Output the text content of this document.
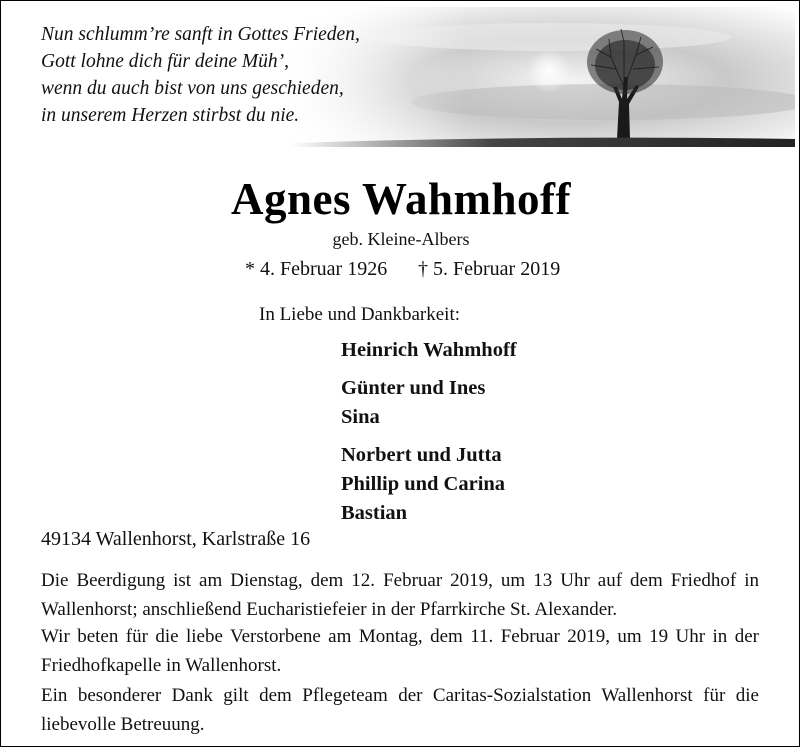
Nun schlumm’re sanft in Gottes Frieden,
Gott lohne dich für deine Müh’,
wenn du auch bist von uns geschieden,
in unserem Herzen stirbst du nie.
Agnes Wahmhoff
geb. Kleine-Albers
* 4. Februar 1926 † 5. Februar 2019
In Liebe und Dankbarkeit:
Heinrich Wahmhoff
Günter und Ines
Sina
Norbert und Jutta
Phillip und Carina
Bastian
49134 Wallenhorst, Karlstraße 16
Die Beerdigung ist am Dienstag, dem 12. Februar 2019, um 13 Uhr auf dem Friedhof in Wallenhorst; anschließend Eucharistiefeier in der Pfarrkirche St. Alexander.
Wir beten für die liebe Verstorbene am Montag, dem 11. Februar 2019, um 19 Uhr in der Friedhofkapelle in Wallenhorst.
Ein besonderer Dank gilt dem Pflegeteam der Caritas-Sozialstation Wallenhorst für die liebevolle Betreuung.
